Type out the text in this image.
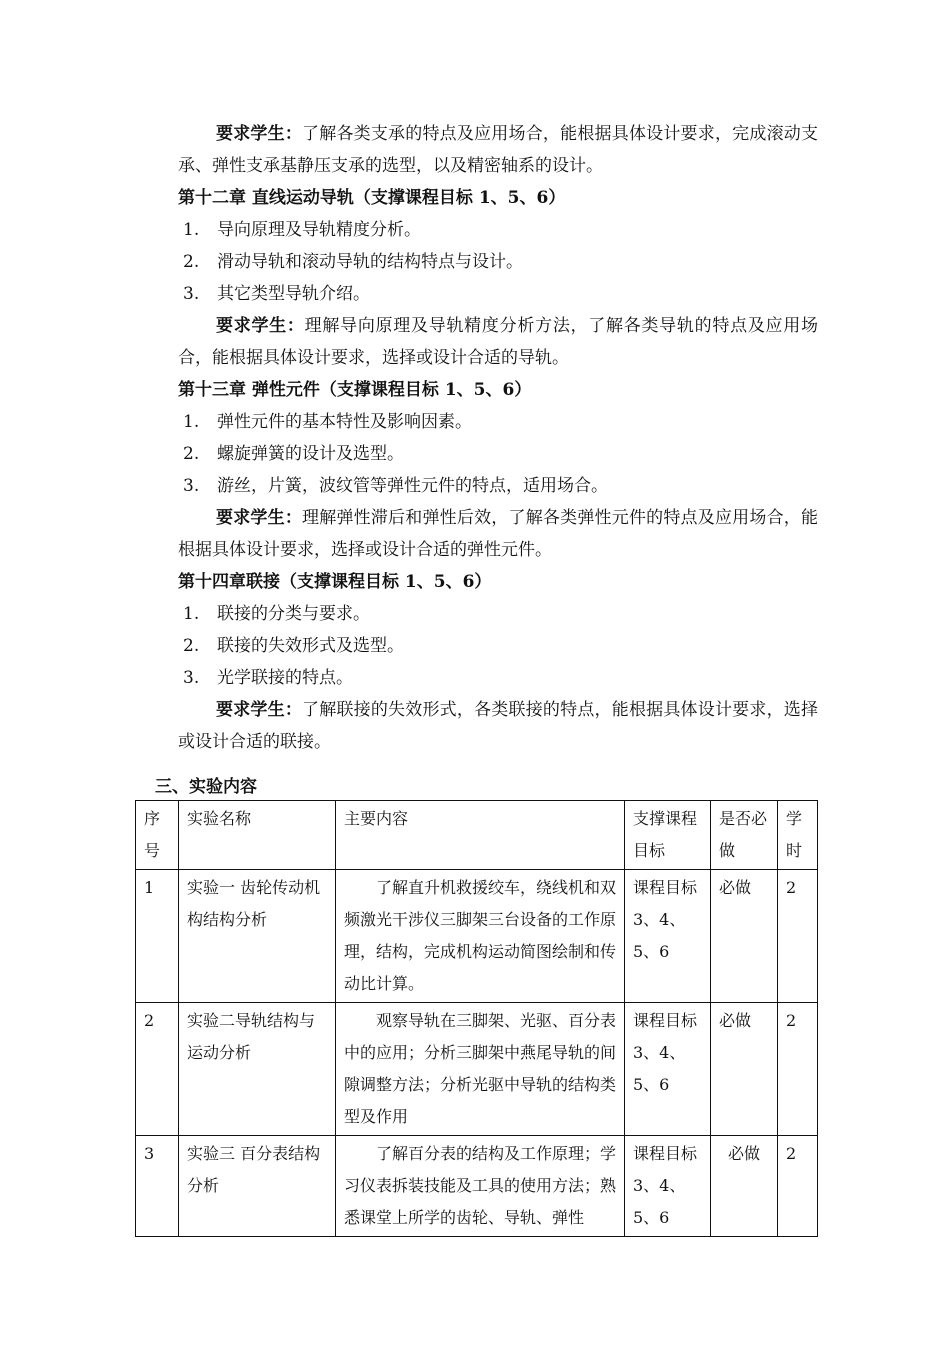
要求学生：了解各类支承的特点及应用场合，能根据具体设计要求，完成滚动支承、弹性支承基静压支承的选型，以及精密轴系的设计。
第十二章 直线运动导轨（支撑课程目标 1、5、6）
1. 导向原理及导轨精度分析。
2. 滑动导轨和滚动导轨的结构特点与设计。
3. 其它类型导轨介绍。
要求学生：理解导向原理及导轨精度分析方法，了解各类导轨的特点及应用场合，能根据具体设计要求，选择或设计合适的导轨。
第十三章 弹性元件（支撑课程目标 1、5、6）
1. 弹性元件的基本特性及影响因素。
2. 螺旋弹簧的设计及选型。
3. 游丝，片簧，波纹管等弹性元件的特点，适用场合。
要求学生：理解弹性滞后和弹性后效，了解各类弹性元件的特点及应用场合，能根据具体设计要求，选择或设计合适的弹性元件。
第十四章联接（支撑课程目标 1、5、6）
1. 联接的分类与要求。
2. 联接的失效形式及选型。
3. 光学联接的特点。
要求学生：了解联接的失效形式，各类联接的特点，能根据具体设计要求，选择或设计合适的联接。
三、实验内容
序号	实验名称	主要内容	支撑课程目标	是否必做	学时
1	实验一 齿轮传动机构结构分析	了解直升机救援绞车，绕线机和双频激光干涉仪三脚架三台设备的工作原理，结构，完成机构运动简图绘制和传动比计算。	课程目标3、4、5、6	必做	2
2	实验二导轨结构与运动分析	观察导轨在三脚架、光驱、百分表中的应用；分析三脚架中燕尾导轨的间隙调整方法；分析光驱中导轨的结构类型及作用	课程目标3、4、5、6	必做	2
3	实验三 百分表结构分析	了解百分表的结构及工作原理；学习仪表拆装技能及工具的使用方法；熟悉课堂上所学的齿轮、导轨、弹性	课程目标3、4、5、6	必做	2
